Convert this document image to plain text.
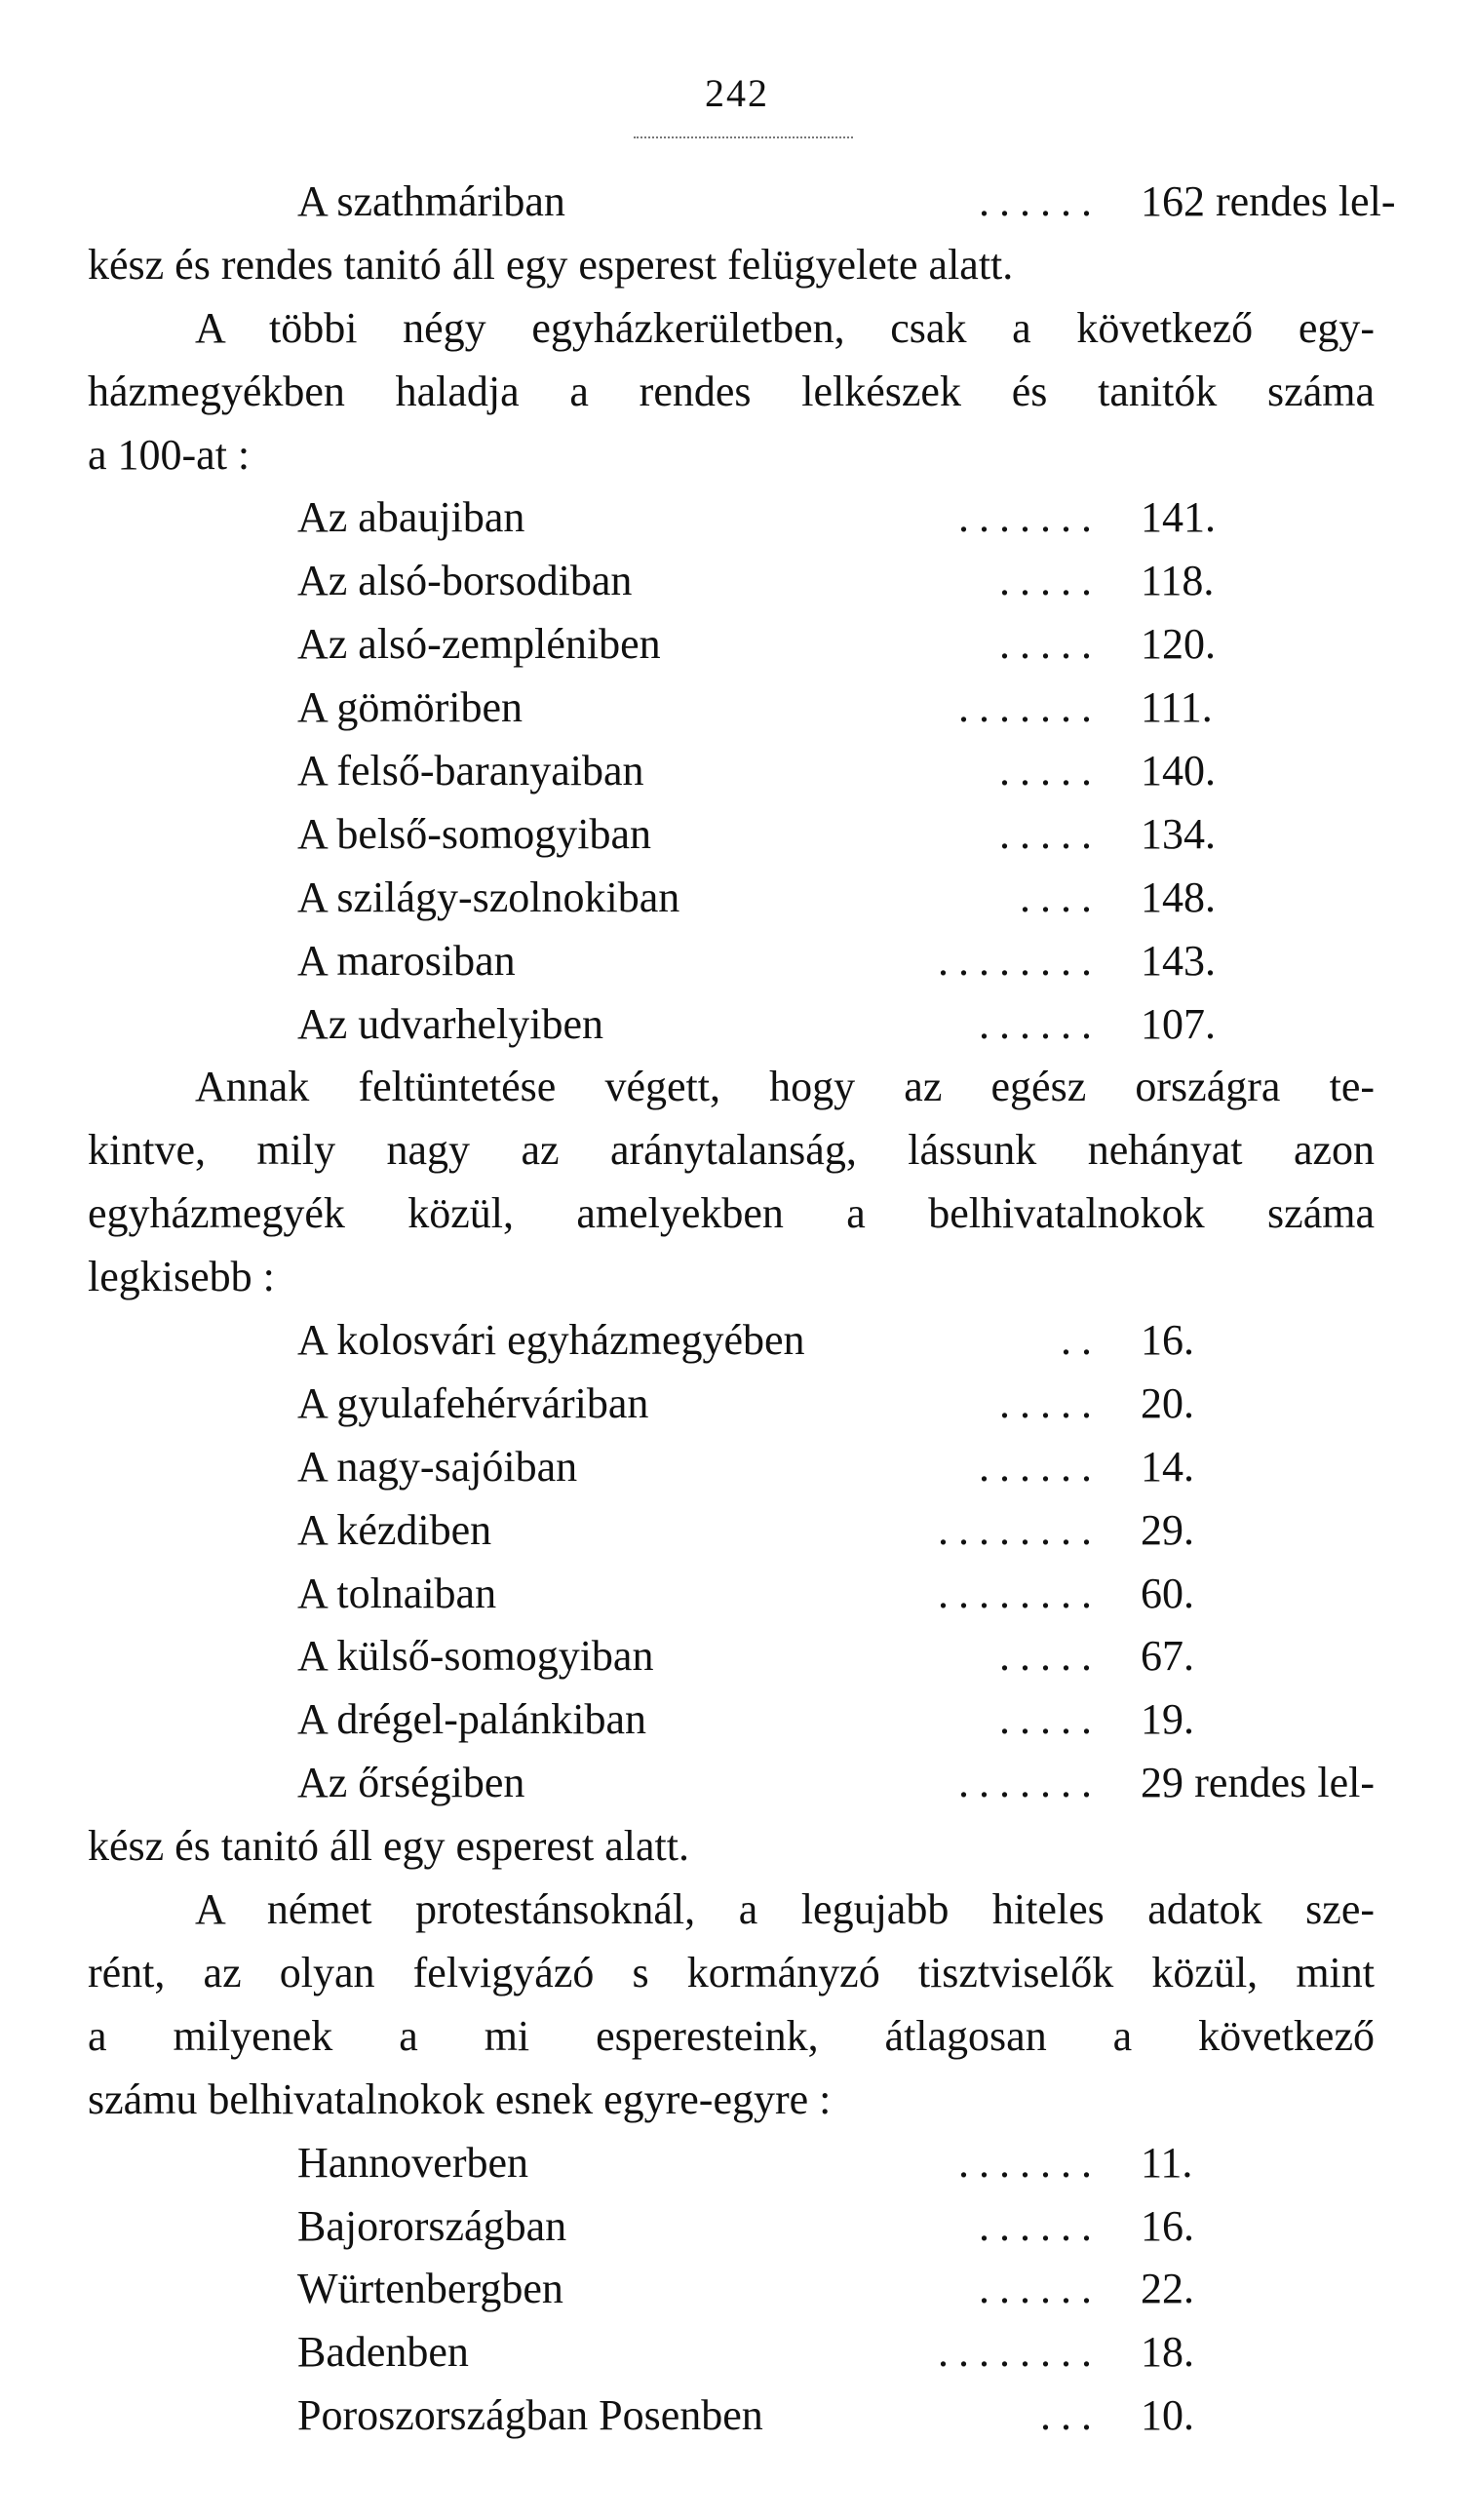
242
A szathmáriban	...... 162 rendes lel-
kész és rendes tanitó áll egy esperest felügyelete alatt.
A többi négy egyházkerületben, csak a következő egy-
házmegyékben haladja a rendes lelkészek és tanitók száma
a 100-at :
Az abaujiban	....... 141.
Az alsó-borsodiban	..... 118.
Az alsó-zempléniben	..... 120.
A gömöriben	....... 111.
A felső-baranyaiban	..... 140.
A belső-somogyiban	..... 134.
A szilágy-szolnokiban	.... 148.
A marosiban	........ 143.
Az udvarhelyiben	...... 107.
Annak feltüntetése végett, hogy az egész országra te-
kintve, mily nagy az aránytalanság, lássunk nehányat azon
egyházmegyék közül, amelyekben a belhivatalnokok száma
legkisebb :
A kolosvári egyházmegyében	.. 16.
A gyulafehérváriban	..... 20.
A nagy-sajóiban	...... 14.
A kézdiben	........ 29.
A tolnaiban	........ 60.
A külső-somogyiban	..... 67.
A drégel-palánkiban	..... 19.
Az őrségiben	....... 29 rendes lel-
kész és tanitó áll egy esperest alatt.
A német protestánsoknál, a legujabb hiteles adatok sze-
rént, az olyan felvigyázó s kormányzó tisztviselők közül, mint
a milyenek a mi esperesteink, átlagosan a következő
számu belhivatalnokok esnek egyre-egyre :
Hannoverben	....... 11.
Bajorországban	...... 16.
Würtenbergben	...... 22.
Badenben	........ 18.
Poroszországban Posenben	... 10.
